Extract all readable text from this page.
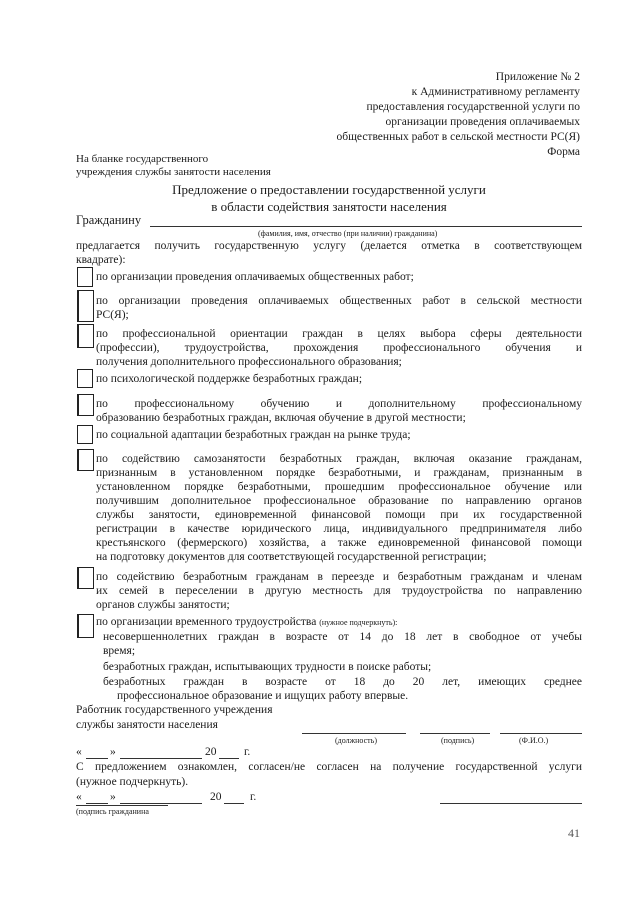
Приложение № 2
к Административному регламенту
предоставления государственной услуги по
организации проведения оплачиваемых
общественных работ в сельской местности РС(Я)
Форма
На бланке государственного
учреждения службы занятости населения
Предложение о предоставлении государственной услуги
в области содействия занятости населения
Гражданину
(фамилия, имя, отчество (при наличии) гражданина)
предлагается получить государственную услугу (делается отметка в соответствующем
квадрате):
по организации проведения оплачиваемых общественных работ;
по организации проведения оплачиваемых общественных работ в сельской местности
РС(Я);
по профессиональной ориентации граждан в целях выбора сферы деятельности
(профессии), трудоустройства, прохождения профессионального обучения и
получения дополнительного профессионального образования;
по психологической поддержке безработных граждан;
по профессиональному обучению и дополнительному профессиональному
образованию безработных граждан, включая обучение в другой местности;
по социальной адаптации безработных граждан на рынке труда;
по содействию самозанятости безработных граждан, включая оказание гражданам,
признанным в установленном порядке безработными, и гражданам, признанным в
установленном порядке безработными, прошедшим профессиональное обучение или
получившим дополнительное профессиональное образование по направлению органов
службы занятости, единовременной финансовой помощи при их государственной
регистрации в качестве юридического лица, индивидуального предпринимателя либо
крестьянского (фермерского) хозяйства, а также единовременной финансовой помощи
на подготовку документов для соответствующей государственной регистрации;
по содействию безработным гражданам в переезде и безработным гражданам и членам
их семей в переселении в другую местность для трудоустройства по направлению
органов службы занятости;
по организации временного трудоустройства (нужное подчеркнуть):
несовершеннолетних граждан в возрасте от 14 до 18 лет в свободное от учебы
время;
безработных граждан, испытывающих трудности в поиске работы;
безработных граждан в возрасте от 18 до 20 лет, имеющих среднее
профессиональное образование и ищущих работу впервые.
Работник государственного учреждения
службы занятости населения
(должность)	(подпись)	(Ф.И.О.)
« »	20 г.
С предложением ознакомлен, согласен/не согласен на получение государственной услуги
(нужное подчеркнуть).
« »	20 г.
(подпись гражданина
41
